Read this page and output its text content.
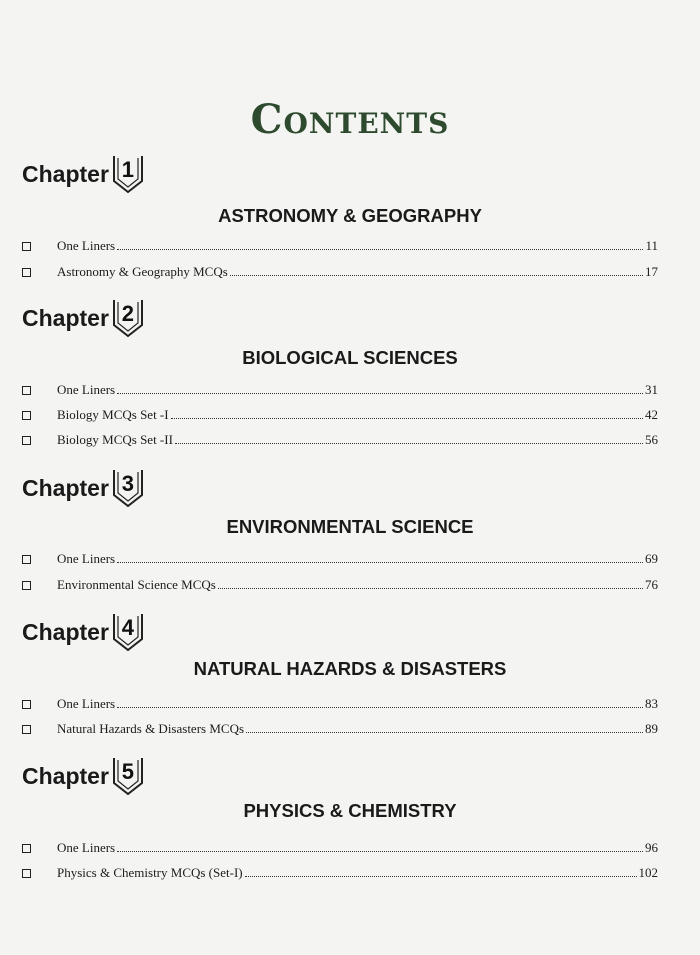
Contents
Chapter 1
ASTRONOMY & GEOGRAPHY
One Liners	11
Astronomy & Geography MCQs	17
Chapter 2
BIOLOGICAL SCIENCES
One Liners	31
Biology MCQs Set -I	42
Biology MCQs Set -II	56
Chapter 3
ENVIRONMENTAL SCIENCE
One Liners	69
Environmental Science MCQs	76
Chapter 4
NATURAL HAZARDS & DISASTERS
One Liners	83
Natural Hazards & Disasters MCQs	89
Chapter 5
PHYSICS & CHEMISTRY
One Liners	96
Physics & Chemistry MCQs (Set-I)	102
